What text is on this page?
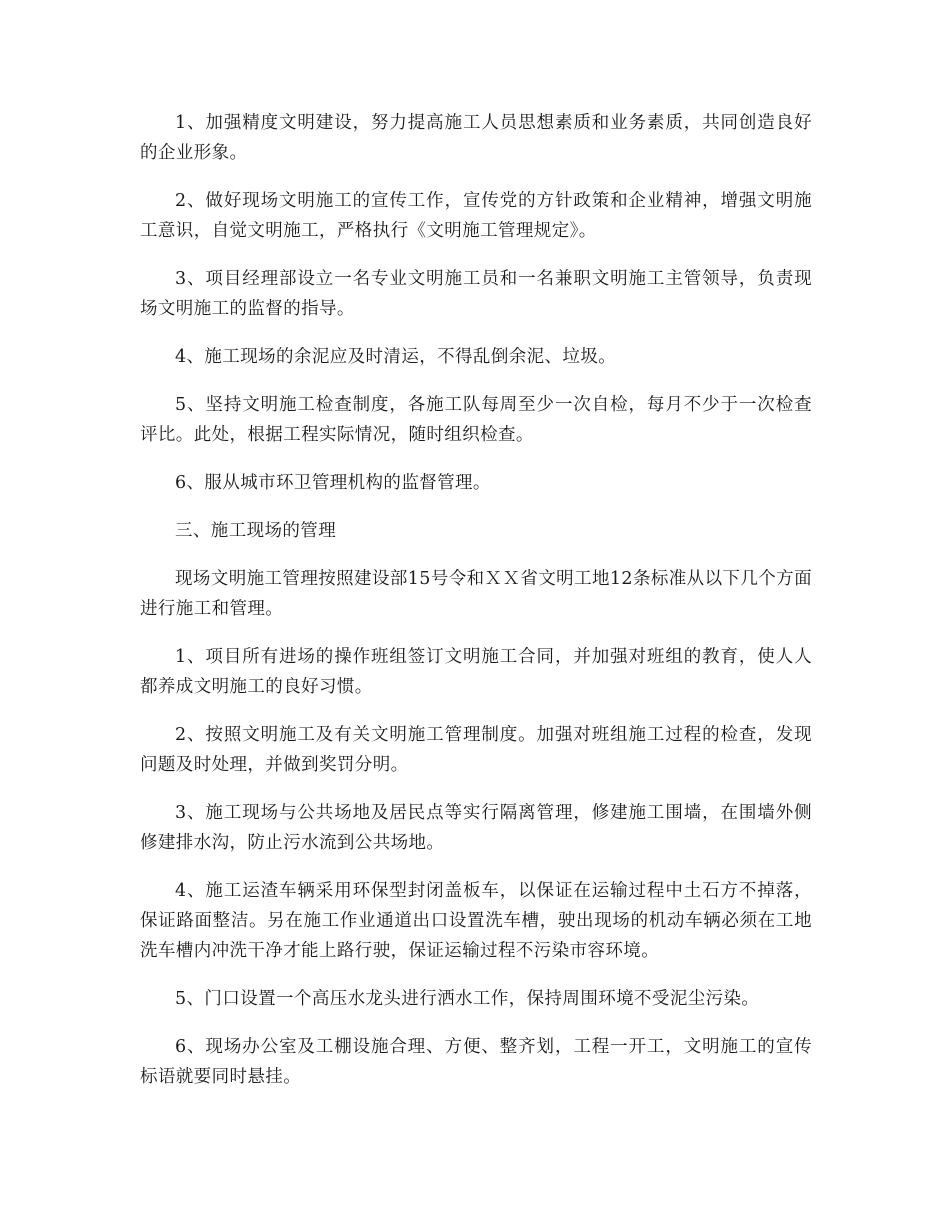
1、加强精度文明建设，努力提高施工人员思想素质和业务素质，共同创造良好的企业形象。

2、做好现场文明施工的宣传工作，宣传党的方针政策和企业精神，增强文明施工意识，自觉文明施工，严格执行《文明施工管理规定》。

3、项目经理部设立一名专业文明施工员和一名兼职文明施工主管领导，负责现场文明施工的监督的指导。

4、施工现场的余泥应及时清运，不得乱倒余泥、垃圾。

5、坚持文明施工检查制度，各施工队每周至少一次自检，每月不少于一次检查评比。此处，根据工程实际情况，随时组织检查。

6、服从城市环卫管理机构的监督管理。

三、施工现场的管理

现场文明施工管理按照建设部15号令和ＸＸ省文明工地12条标准从以下几个方面进行施工和管理。

1、项目所有进场的操作班组签订文明施工合同，并加强对班组的教育，使人人都养成文明施工的良好习惯。

2、按照文明施工及有关文明施工管理制度。加强对班组施工过程的检查，发现问题及时处理，并做到奖罚分明。

3、施工现场与公共场地及居民点等实行隔离管理，修建施工围墙，在围墙外侧修建排水沟，防止污水流到公共场地。

4、施工运渣车辆采用环保型封闭盖板车，以保证在运输过程中土石方不掉落，保证路面整洁。另在施工作业通道出口设置洗车槽，驶出现场的机动车辆必须在工地洗车槽内冲洗干净才能上路行驶，保证运输过程不污染市容环境。

5、门口设置一个高压水龙头进行洒水工作，保持周围环境不受泥尘污染。

6、现场办公室及工棚设施合理、方便、整齐划，工程一开工，文明施工的宣传标语就要同时悬挂。
